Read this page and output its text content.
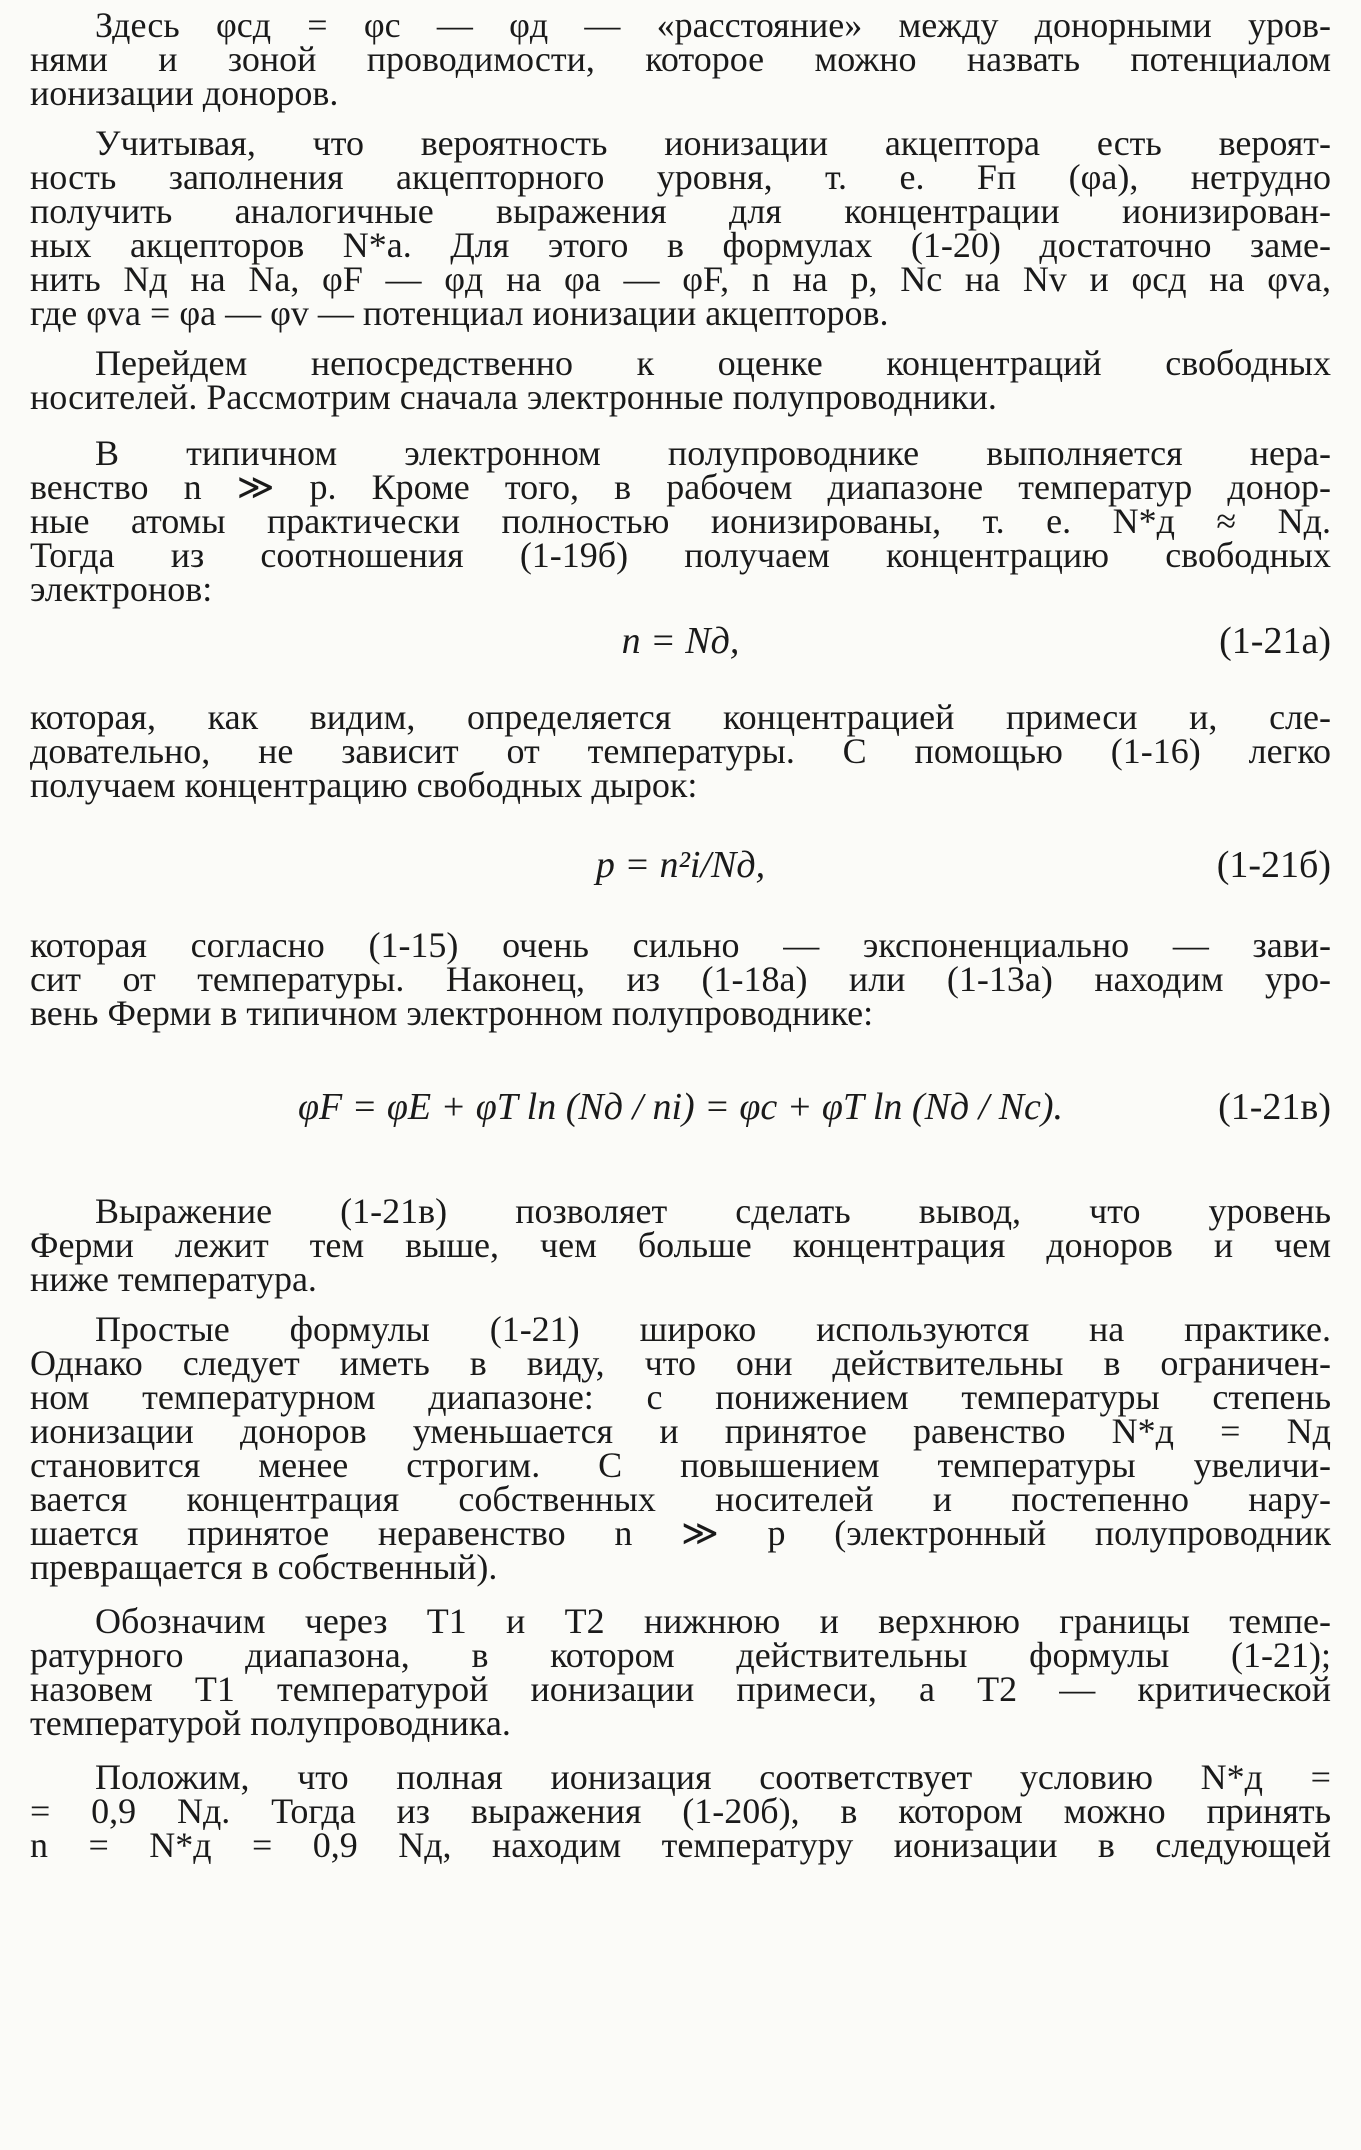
Здесь φсд = φc — φд — «расстояние» между донорными уров-
нями и зоной проводимости, которое можно назвать потенциалом
ионизации доноров.
Учитывая, что вероятность ионизации акцептора есть вероят-
ность заполнения акцепторного уровня, т. е. Fп (φа), нетрудно
получить аналогичные выражения для концентрации ионизирован-
ных акцепторов N*а. Для этого в формулах (1-20) достаточно заме-
нить Nд на Nа, φF — φд на φа — φF, n на p, Nc на Nv и φсд на φvа,
где φvа = φа — φv — потенциал ионизации акцепторов.
Перейдем непосредственно к оценке концентраций свободных
носителей. Рассмотрим сначала электронные полупроводники.
В типичном электронном полупроводнике выполняется нера-
венство n ≫ p. Кроме того, в рабочем диапазоне температур донор-
ные атомы практически полностью ионизированы, т. е. N*д ≈ Nд.
Тогда из соотношения (1-19б) получаем концентрацию свободных
электронов:
n = Nд,	(1-21а)
которая, как видим, определяется концентрацией примеси и, сле-
довательно, не зависит от температуры. С помощью (1-16) легко
получаем концентрацию свободных дырок:
p = n²i/Nд,	(1-21б)
которая согласно (1-15) очень сильно — экспоненциально — зави-
сит от температуры. Наконец, из (1-18а) или (1-13а) находим уро-
вень Ферми в типичном электронном полупроводнике:
φF = φE + φT ln (Nд / ni) = φc + φT ln (Nд / Nc).	(1-21в)
Выражение (1-21в) позволяет сделать вывод, что уровень
Ферми лежит тем выше, чем больше концентрация доноров и чем
ниже температура.
Простые формулы (1-21) широко используются на практике.
Однако следует иметь в виду, что они действительны в ограничен-
ном температурном диапазоне: с понижением температуры степень
ионизации доноров уменьшается и принятое равенство N*д = Nд
становится менее строгим. С повышением температуры увеличи-
вается концентрация собственных носителей и постепенно нару-
шается принятое неравенство n ≫ p (электронный полупроводник
превращается в собственный).
Обозначим через T1 и T2 нижнюю и верхнюю границы темпе-
ратурного диапазона, в котором действительны формулы (1-21);
назовем T1 температурой ионизации примеси, а T2 — критической
температурой полупроводника.
Положим, что полная ионизация соответствует условию N*д =
= 0,9 Nд. Тогда из выражения (1-20б), в котором можно принять
n = N*д = 0,9 Nд, находим температуру ионизации в следующей
